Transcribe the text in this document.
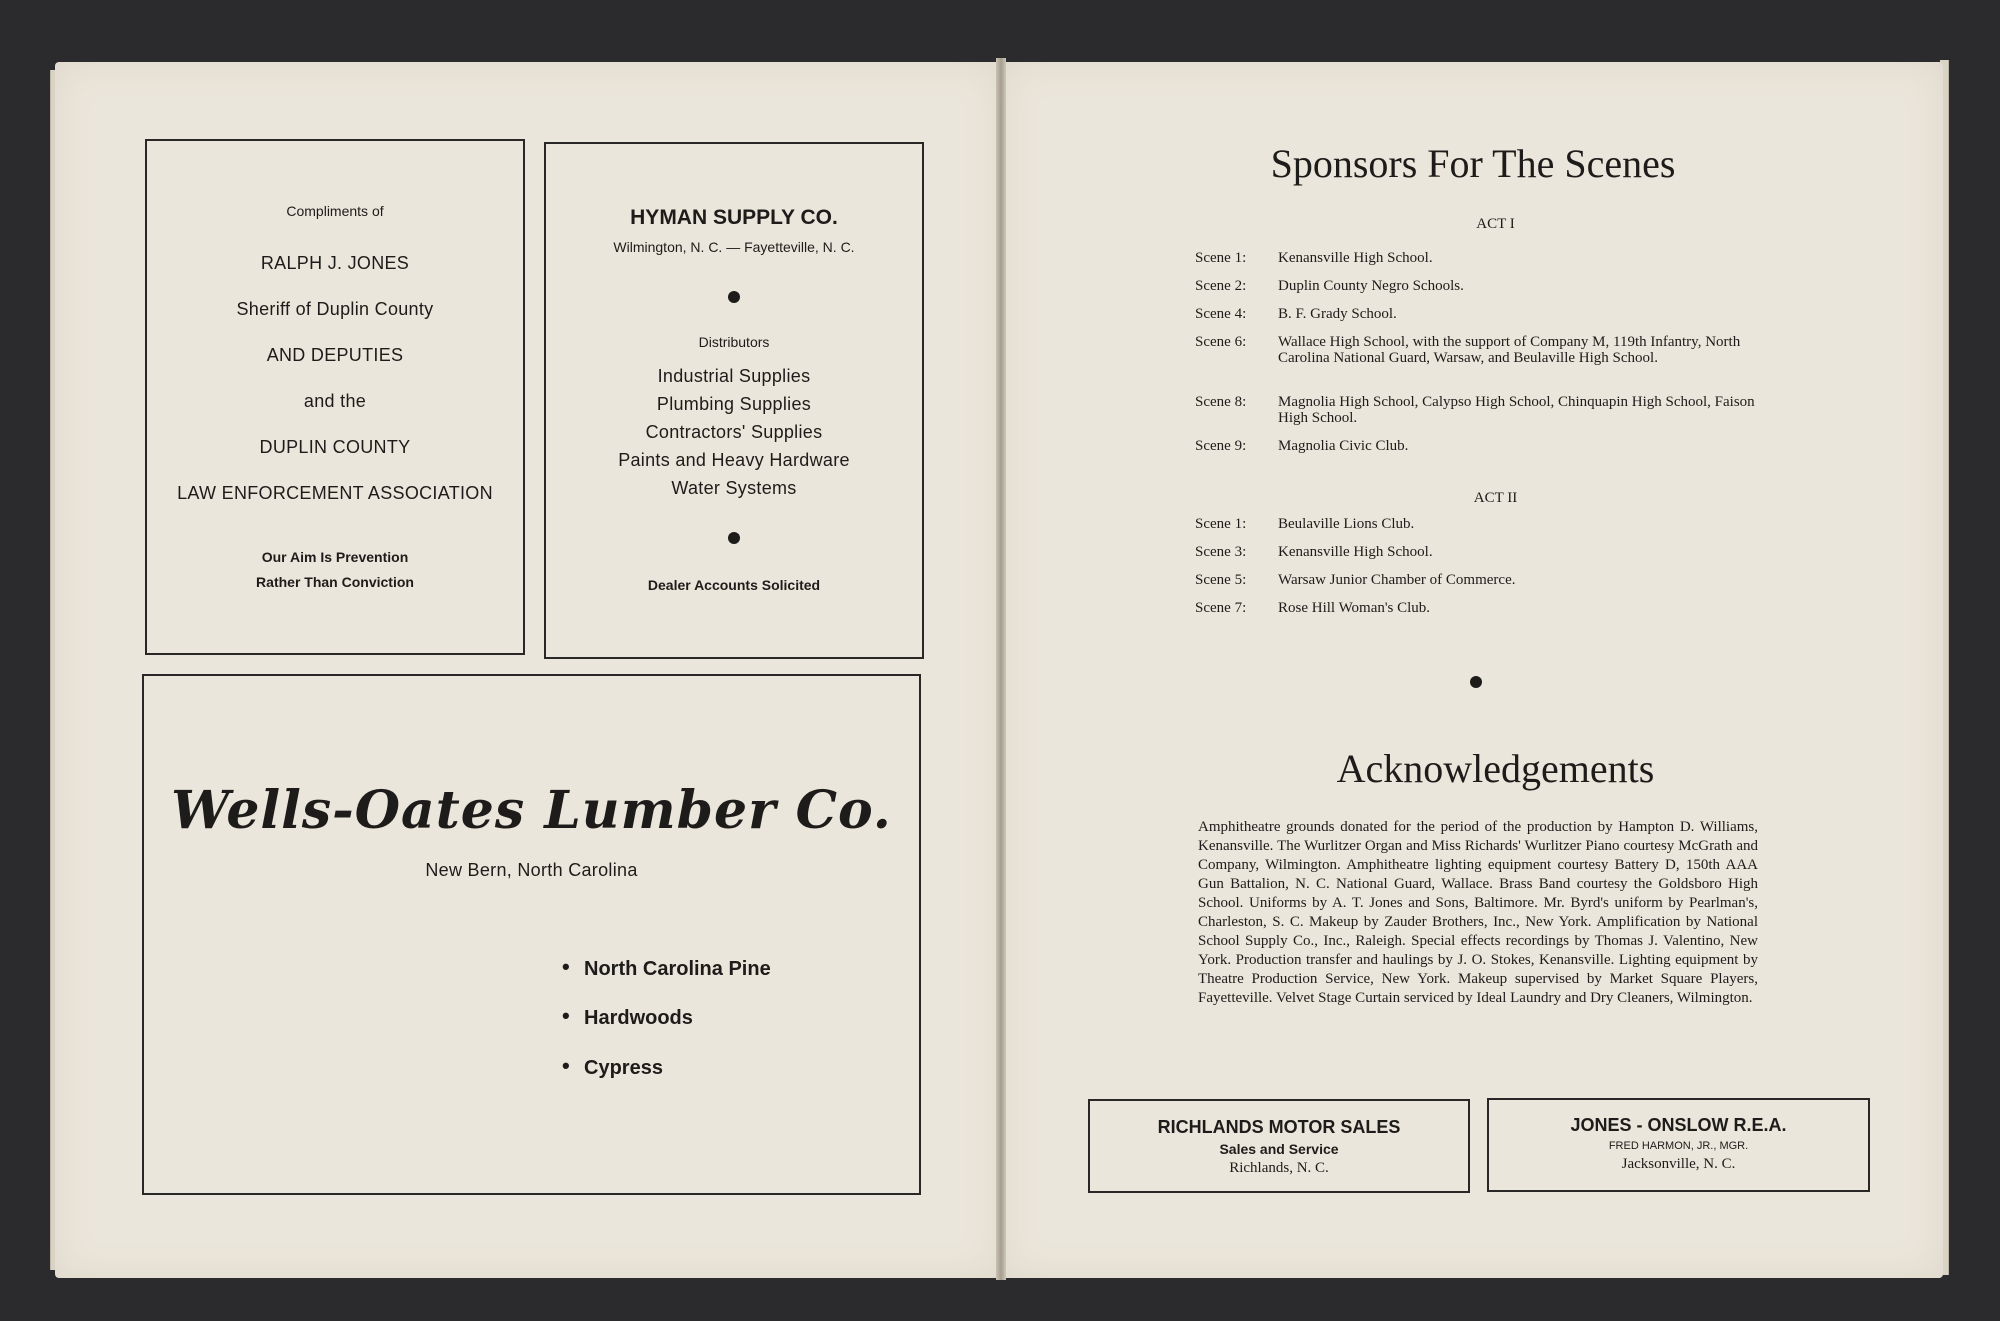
Compliments of
RALPH J. JONES
Sheriff of Duplin County
AND DEPUTIES
and the
DUPLIN COUNTY
LAW ENFORCEMENT ASSOCIATION
Our Aim Is Prevention
Rather Than Conviction
HYMAN SUPPLY CO.
Wilmington, N. C. — Fayetteville, N. C.
Distributors
Industrial Supplies
Plumbing Supplies
Contractors' Supplies
Paints and Heavy Hardware
Water Systems
Dealer Accounts Solicited
Wells-Oates Lumber Co.
New Bern, North Carolina
• North Carolina Pine
• Hardwoods
• Cypress
Sponsors For The Scenes
ACT I
Scene 1:	Kenansville High School.
Scene 2:	Duplin County Negro Schools.
Scene 4:	B. F. Grady School.
Scene 6:	Wallace High School, with the support of Company M, 119th Infantry, North Carolina National Guard, Warsaw, and Beulaville High School.
Scene 8:	Magnolia High School, Calypso High School, Chinquapin High School, Faison High School.
Scene 9:	Magnolia Civic Club.
ACT II
Scene 1:	Beulaville Lions Club.
Scene 3:	Kenansville High School.
Scene 5:	Warsaw Junior Chamber of Commerce.
Scene 7:	Rose Hill Woman's Club.
Acknowledgements
Amphitheatre grounds donated for the period of the production by Hampton D. Williams, Kenansville. The Wurlitzer Organ and Miss Richards' Wurlitzer Piano courtesy McGrath and Company, Wilmington. Amphitheatre lighting equipment courtesy Battery D, 150th AAA Gun Battalion, N. C. National Guard, Wallace. Brass Band courtesy the Goldsboro High School. Uniforms by A. T. Jones and Sons, Baltimore. Mr. Byrd's uniform by Pearlman's, Charleston, S. C. Makeup by Zauder Brothers, Inc., New York. Amplification by National School Supply Co., Inc., Raleigh. Special effects recordings by Thomas J. Valentino, New York. Production transfer and haulings by J. O. Stokes, Kenansville. Lighting equipment by Theatre Production Service, New York. Makeup supervised by Market Square Players, Fayetteville. Velvet Stage Curtain serviced by Ideal Laundry and Dry Cleaners, Wilmington.
RICHLANDS MOTOR SALES
Sales and Service
Richlands, N. C.
JONES - ONSLOW R.E.A.
FRED HARMON, JR., MGR.
Jacksonville, N. C.
